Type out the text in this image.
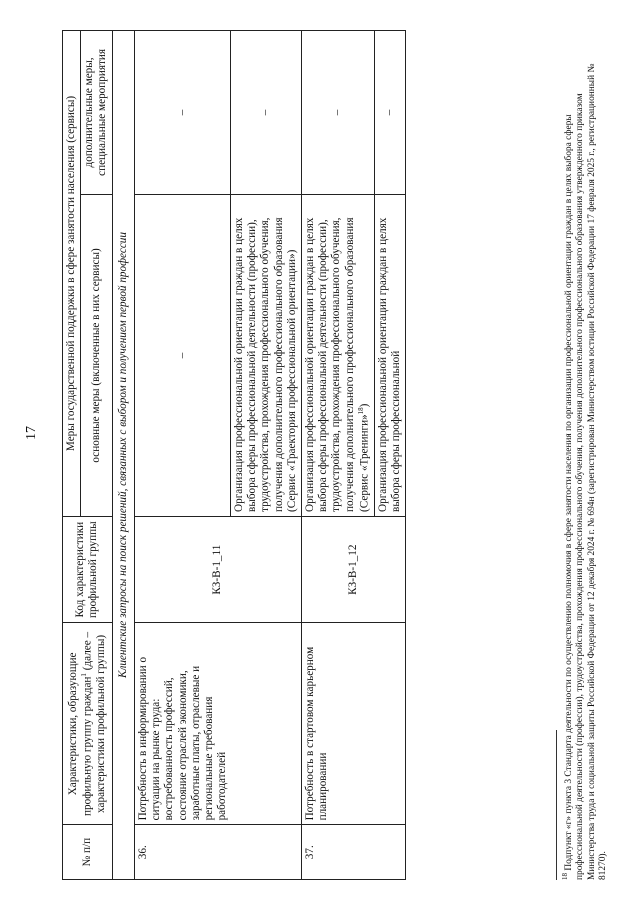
17
№ п/п	Характеристики, образующие профильную группу граждан$^1$ (далее – характеристики профильной группы)	Код характеристики профильной группы	Меры государственной поддержки в сфере занятости населения (сервисы)	
			основные меры (включенные в них сервисы)	дополнительные меры, специальные мероприятия
Клиентские запросы на поиск решений, связанных с выбором и получением первой профессии				
36.	Потребность в информировании о ситуации на рынке труда: востребованность профессий, состояние отраслей экономики, заработные платы, отраслевые и региональные требования работодателей	КЗ-В-1_11	–	–
			Организация профессиональной ориентации граждан в целях выбора сферы профессиональной деятельности (профессии), трудоустройства, прохождения профессионального обучения, получения дополнительного профессионального образования (Сервис «Траектория профессиональной ориентации»)	–
37.	Потребность в стартовом карьерном планировании	КЗ-В-1_12	Организация профессиональной ориентации граждан в целях выбора сферы профессиональной деятельности (профессии), трудоустройства, прохождения профессионального обучения, получения дополнительного профессионального образования (Сервис «Тренинги»$^{18}$)	–
			Организация профессиональной ориентации граждан в целях выбора сферы профессиональной	–
$^{18}$ Подпункт «г» пункта 3 Стандарта деятельности по осуществлению полномочия в сфере занятости населения по организации профессиональной ориентации граждан в целях выбора сферы профессиональной деятельности (профессии), трудоустройства, прохождения профессионального обучения, получения дополнительного профессионального образования утвержденного приказом Министерства труда и социальной защиты Российской Федерации от 12 декабря 2024 г. № 694н (зарегистрирован Министерством юстиции Российской Федерации 17 февраля 2025 г., регистрационный № 81270).
